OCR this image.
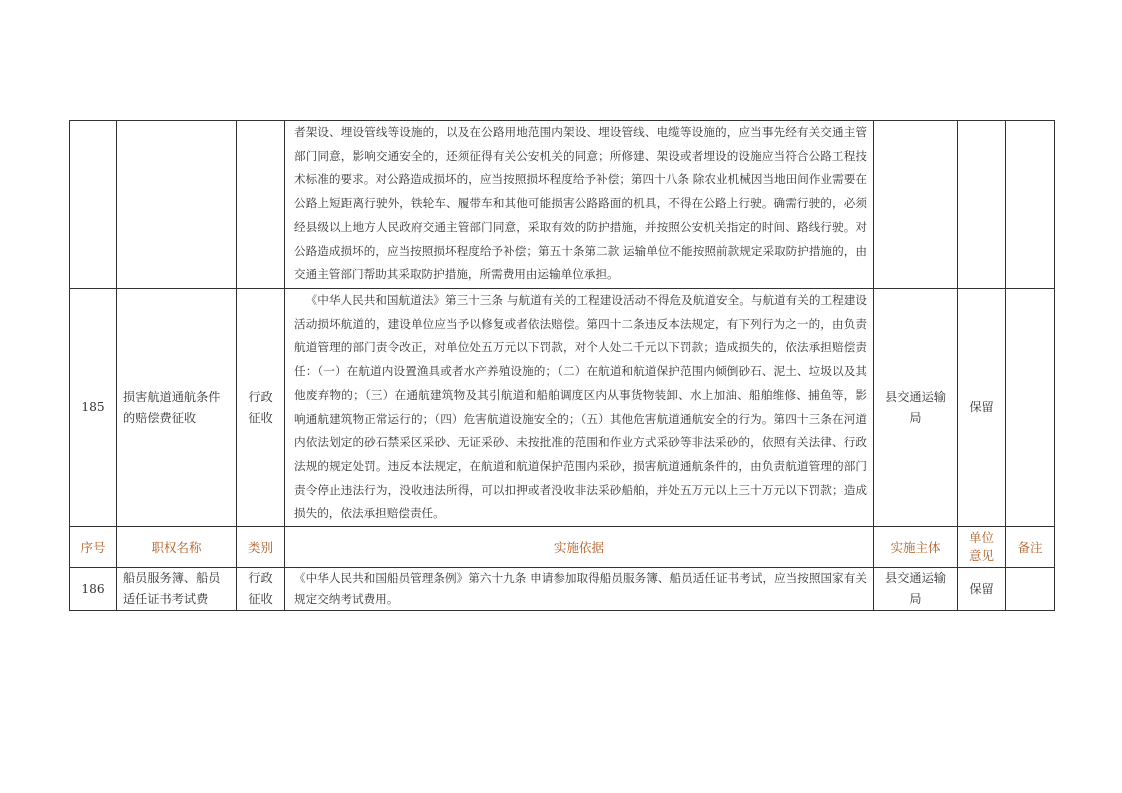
			者架设、埋设管线等设施的，以及在公路用地范围内架设、埋设管线、电缆等设施的，应当事先经有关交通主管部门同意，影响交通安全的，还须征得有关公安机关的同意；所修建、架设或者埋设的设施应当符合公路工程技术标准的要求。对公路造成损坏的，应当按照损坏程度给予补偿；第四十八条 除农业机械因当地田间作业需要在公路上短距离行驶外，铁轮车、履带车和其他可能损害公路路面的机具，不得在公路上行驶。确需行驶的，必须经县级以上地方人民政府交通主管部门同意，采取有效的防护措施，并按照公安机关指定的时间、路线行驶。对公路造成损坏的，应当按照损坏程度给予补偿；第五十条第二款 运输单位不能按照前款规定采取防护措施的，由交通主管部门帮助其采取防护措施，所需费用由运输单位承担。			

185	损害航道通航条件的赔偿费征收	行政征收	《中华人民共和国航道法》第三十三条 与航道有关的工程建设活动不得危及航道安全。与航道有关的工程建设活动损坏航道的，建设单位应当予以修复或者依法赔偿。第四十二条违反本法规定，有下列行为之一的，由负责航道管理的部门责令改正，对单位处五万元以下罚款，对个人处二千元以下罚款；造成损失的，依法承担赔偿责任：（一）在航道内设置渔具或者水产养殖设施的；（二）在航道和航道保护范围内倾倒砂石、泥土、垃圾以及其他废弃物的；（三）在通航建筑物及其引航道和船舶调度区内从事货物装卸、水上加油、船舶维修、捕鱼等，影响通航建筑物正常运行的；（四）危害航道设施安全的；（五）其他危害航道通航安全的行为。第四十三条在河道内依法划定的砂石禁采区采砂、无证采砂、未按批准的范围和作业方式采砂等非法采砂的，依照有关法律、行政法规的规定处罚。违反本法规定，在航道和航道保护范围内采砂，损害航道通航条件的，由负责航道管理的部门责令停止违法行为，没收违法所得，可以扣押或者没收非法采砂船舶，并处五万元以上三十万元以下罚款；造成损失的，依法承担赔偿责任。	县交通运输局	保留	
序号	职权名称	类别	实施依据	实施主体	单位意见	备注
186	船员服务簿、船员适任证书考试费	行政征收	《中华人民共和国船员管理条例》第六十九条 申请参加取得船员服务簿、船员适任证书考试，应当按照国家有关规定交纳考试费用。	县交通运输局	保留	
